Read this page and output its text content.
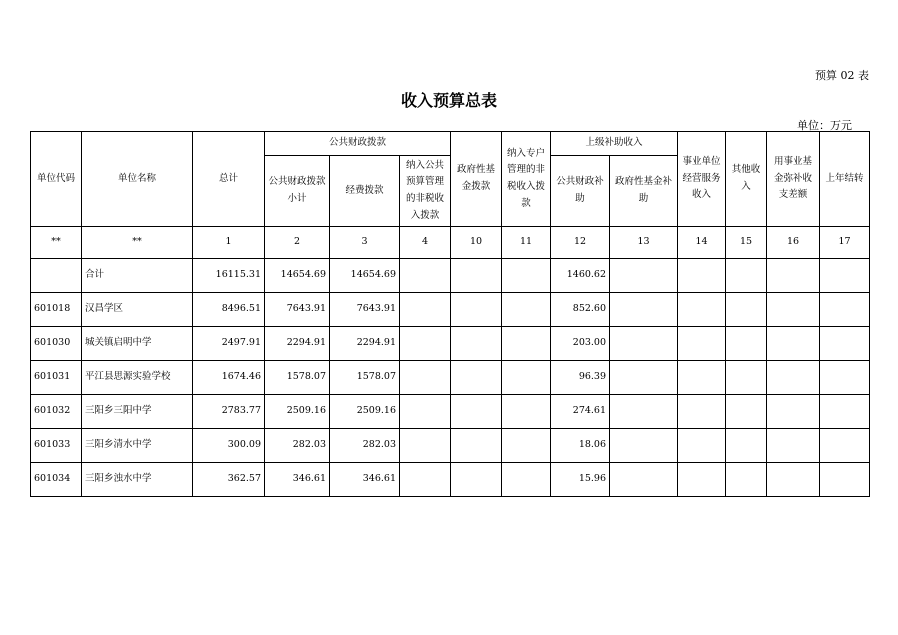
预算 02 表
收入预算总表
单位：万元
单位代码	单位名称	总计	公共财政拨款			政府性基金拨款	纳入专户管理的非税收入拨款	上级补助收入		事业单位经营服务收入	其他收入	用事业基金弥补收支差额	上年结转
			公共财政拨款小计	经费拨款	纳入公共预算管理的非税收入拨款			公共财政补助	政府性基金补助				
**	**	1	2	3	4	10	11	12	13	14	15	16	17
	合计	16115.31	14654.69	14654.69				1460.62					
601018	汉昌学区	8496.51	7643.91	7643.91				852.60					
601030	城关镇启明中学	2497.91	2294.91	2294.91				203.00					
601031	平江县思源实验学校	1674.46	1578.07	1578.07				96.39					
601032	三阳乡三阳中学	2783.77	2509.16	2509.16				274.61					
601033	三阳乡清水中学	300.09	282.03	282.03				18.06					
601034	三阳乡浊水中学	362.57	346.61	346.61				15.96					
